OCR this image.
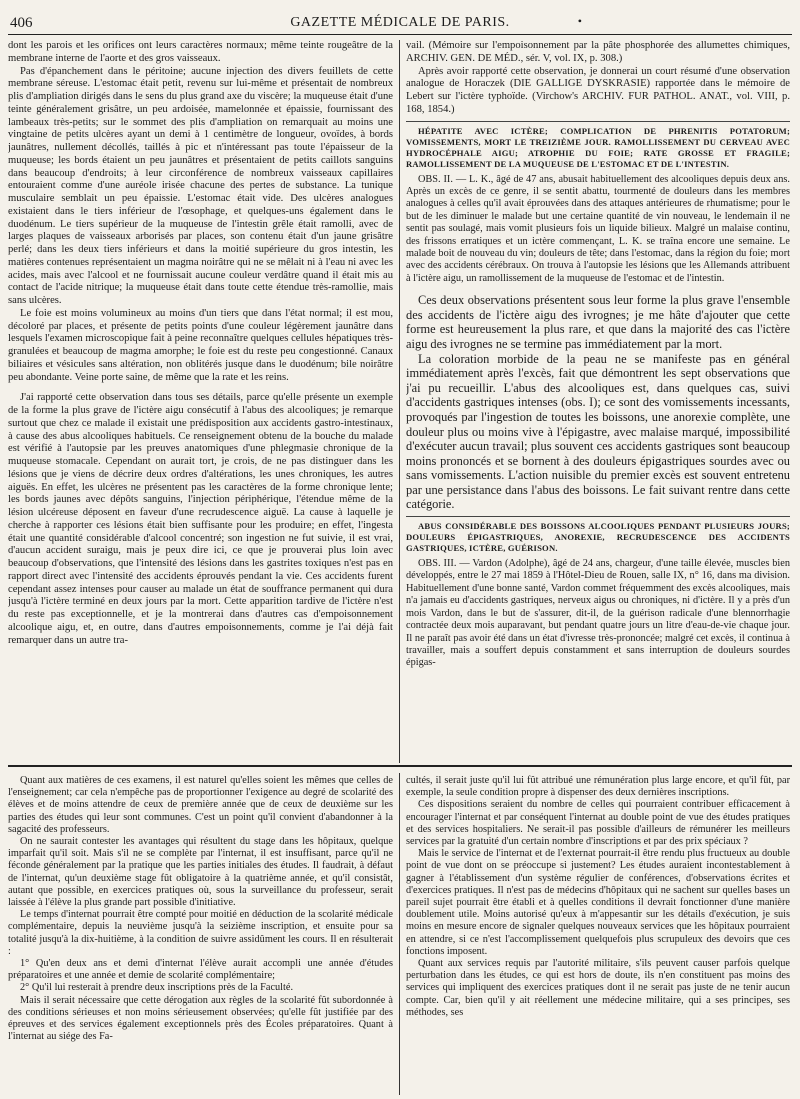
406	GAZETTE MÉDICALE DE PARIS.	•

dont les parois et les orifices ont leurs caractères normaux; même teinte rougeâtre de la membrane interne de l'aorte et des gros vaisseaux.

Pas d'épanchement dans le péritoine; aucune injection des divers feuillets de cette membrane séreuse. L'estomac était petit, revenu sur lui-même et présentait de nombreux plis d'ampliation dirigés dans le sens du plus grand axe du viscère; la muqueuse était d'une teinte généralement grisâtre, un peu ardoisée, mamelonnée et épaissie, fournissant des lambeaux très-petits; sur le sommet des plis d'ampliation on remarquait au moins une vingtaine de petits ulcères ayant un demi à 1 centimètre de longueur, ovoïdes, à bords jaunâtres, nullement décollés, taillés à pic et n'intéressant pas toute l'épaisseur de la muqueuse; les bords étaient un peu jaunâtres et présentaient de petits caillots sanguins dans beaucoup d'endroits; à leur circonférence de nombreux vaisseaux capillaires entouraient comme d'une auréole irisée chacune des pertes de substance. La tunique musculaire semblait un peu épaissie. L'estomac était vide. Des ulcères analogues existaient dans le tiers inférieur de l'œsophage, et quelques-uns également dans le duodénum. Le tiers supérieur de la muqueuse de l'intestin grêle était ramolli, avec de larges plaques de vaisseaux arborisés par places, son contenu était d'un jaune grisâtre perlé; dans les deux tiers inférieurs et dans la moitié supérieure du gros intestin, les matières contenues représentaient un magma noirâtre qui ne se mêlait ni à l'eau ni avec les acides, mais avec l'alcool et ne fournissait aucune couleur verdâtre quand il était mis au contact de l'acide nitrique; la muqueuse était dans toute cette étendue très-ramollie, mais sans ulcères.

Le foie est moins volumineux au moins d'un tiers que dans l'état normal; il est mou, décoloré par places, et présente de petits points d'une couleur légèrement jaunâtre dans lesquels l'examen microscopique fait à peine reconnaître quelques cellules hépatiques très-granulées et beaucoup de magma amorphe; le foie est du reste peu congestionné. Canaux biliaires et vésicules sans altération, non oblitérés jusque dans le duodénum; bile noirâtre peu abondante. Veine porte saine, de même que la rate et les reins.

J'ai rapporté cette observation dans tous ses détails, parce qu'elle présente un exemple de la forme la plus grave de l'ictère aigu consécutif à l'abus des alcooliques; je remarque surtout que chez ce malade il existait une prédisposition aux accidents gastro-intestinaux, à cause des abus alcooliques habituels. Ce renseignement obtenu de la bouche du malade est vérifié à l'autopsie par les preuves anatomiques d'une phlegmasie chronique de la muqueuse stomacale. Cependant on aurait tort, je crois, de ne pas distinguer dans les lésions que je viens de décrire deux ordres d'altérations, les unes chroniques, les autres aiguës. En effet, les ulcères ne présentent pas les caractères de la forme chronique lente; les bords jaunes avec dépôts sanguins, l'injection périphérique, l'étendue même de la lésion ulcéreuse déposent en faveur d'une recrudescence aiguë. La cause à laquelle je cherche à rapporter ces lésions était bien suffisante pour les produire; en effet, l'ingesta était une quantité considérable d'alcool concentré; son ingestion ne fut suivie, il est vrai, d'aucun accident suraigu, mais je peux dire ici, ce que je prouverai plus loin avec beaucoup d'observations, que l'intensité des lésions dans les gastrites toxiques n'est pas en rapport direct avec l'intensité des accidents éprouvés pendant la vie. Ces accidents furent cependant assez intenses pour causer au malade un état de souffrance permanent qui dura jusqu'à l'ictère terminé en deux jours par la mort. Cette apparition tardive de l'ictère n'est du reste pas exceptionnelle, et je la montrerai dans d'autres cas d'empoisonnement alcoolique aigu, et, en outre, dans d'autres empoisonnements, comme je l'ai déjà fait remarquer dans un autre tra-

vail. (Mémoire sur l'empoisonnement par la pâte phosphorée des allumettes chimiques, ARCHIV. GEN. DE MÉD., sér. V, vol. IX, p. 308.)

Après avoir rapporté cette observation, je donnerai un court résumé d'une observation analogue de Horaczek (DIE GALLIGE DYSKRASIE) rapportée dans le mémoire de Lebert sur l'ictère typhoïde. (Virchow's ARCHIV. FUR PATHOL. ANAT., vol. VIII, p. 168, 1854.)

HÉPATITE AVEC ICTÈRE; COMPLICATION DE PHRENITIS POTATORUM; VOMISSEMENTS, MORT LE TREIZIÈME JOUR. RAMOLLISSEMENT DU CERVEAU AVEC HYDROCÉPHALE AIGU; ATROPHIE DU FOIE; RATE GROSSE ET FRAGILE; RAMOLLISSEMENT DE LA MUQUEUSE DE L'ESTOMAC ET DE L'INTESTIN.

OBS. II. — L. K., âgé de 47 ans, abusait habituellement des alcooliques depuis deux ans. Après un excès de ce genre, il se sentit abattu, tourmenté de douleurs dans les membres analogues à celles qu'il avait éprouvées dans des attaques antérieures de rhumatisme; pour le but de les diminuer le malade but une certaine quantité de vin nouveau, le lendemain il ne sentit pas soulagé, mais vomit plusieurs fois un liquide bilieux. Malgré un malaise continu, des frissons erratiques et un ictère commençant, L. K. se traîna encore une semaine. Le malade boit de nouveau du vin; douleurs de tête; dans l'estomac, dans la région du foie; mort avec des accidents cérébraux. On trouva à l'autopsie les lésions que les Allemands attribuent à l'ictère aigu, un ramollissement de la muqueuse de l'estomac et de l'intestin.

Ces deux observations présentent sous leur forme la plus grave l'ensemble des accidents de l'ictère aigu des ivrognes; je me hâte d'ajouter que cette forme est heureusement la plus rare, et que dans la majorité des cas l'ictère aigu des ivrognes ne se termine pas immédiatement par la mort.

La coloration morbide de la peau ne se manifeste pas en général immédiatement après l'excès, fait que démontrent les sept observations que j'ai pu recueillir. L'abus des alcooliques est, dans quelques cas, suivi d'accidents gastriques intenses (obs. I); ce sont des vomissements incessants, provoqués par l'ingestion de toutes les boissons, une anorexie complète, une douleur plus ou moins vive à l'épigastre, avec malaise marqué, impossibilité d'exécuter aucun travail; plus souvent ces accidents gastriques sont beaucoup moins prononcés et se bornent à des douleurs épigastriques sourdes avec ou sans vomissements. L'action nuisible du premier excès est souvent entretenu par une persistance dans l'abus des boissons. Le fait suivant rentre dans cette catégorie.

ABUS CONSIDÉRABLE DES BOISSONS ALCOOLIQUES PENDANT PLUSIEURS JOURS; DOULEURS ÉPIGASTRIQUES, ANOREXIE, RECRUDESCENCE DES ACCIDENTS GASTRIQUES, ICTÈRE, GUÉRISON.

OBS. III. — Vardon (Adolphe), âgé de 24 ans, chargeur, d'une taille élevée, muscles bien développés, entre le 27 mai 1859 à l'Hôtel-Dieu de Rouen, salle IX, n° 16, dans ma division. Habituellement d'une bonne santé, Vardon commet fréquemment des excès alcooliques, mais n'a jamais eu d'accidents gastriques, nerveux aigus ou chroniques, ni d'ictère. Il y a près d'un mois Vardon, dans le but de s'assurer, dit-il, de la guérison radicale d'une blennorrhagie contractée deux mois auparavant, but pendant quatre jours un litre d'eau-de-vie chaque jour. Il ne paraît pas avoir été dans un état d'ivresse très-prononcée; malgré cet excès, il continua à travailler, mais a souffert depuis constamment et sans interruption de douleurs sourdes épigas-

Quant aux matières de ces examens, il est naturel qu'elles soient les mêmes que celles de l'enseignement; car cela n'empêche pas de proportionner l'exigence au degré de scolarité des élèves et de moins attendre de ceux de première année que de ceux de deuxième sur les parties des études qui leur sont communes. C'est un point qu'il convient d'abandonner à la sagacité des professeurs.

On ne saurait contester les avantages qui résultent du stage dans les hôpitaux, quelque imparfait qu'il soit. Mais s'il ne se complète par l'internat, il est insuffisant, parce qu'il ne féconde généralement par la pratique que les parties initiales des études. Il faudrait, à défaut de l'internat, qu'un deuxième stage fût obligatoire à la quatrième année, et qu'il consistât, autant que possible, en exercices pratiques où, sous la surveillance du professeur, serait laissée à l'élève la plus grande part possible d'initiative.

Le temps d'internat pourrait être compté pour moitié en déduction de la scolarité médicale complémentaire, depuis la neuvième jusqu'à la seizième inscription, et ensuite pour sa totalité jusqu'à la dix-huitième, à la condition de suivre assidûment les cours. Il en résulterait :

1° Qu'en deux ans et demi d'internat l'élève aurait accompli une année d'études préparatoires et une année et demie de scolarité complémentaire;

2° Qu'il lui resterait à prendre deux inscriptions près de la Faculté.

Mais il serait nécessaire que cette dérogation aux règles de la scolarité fût subordonnée à des conditions sérieuses et non moins sérieusement observées; qu'elle fût justifiée par des épreuves et des services également exceptionnels près des Écoles préparatoires. Quant à l'internat au siége des Fa-

cultés, il serait juste qu'il lui fût attribué une rémunération plus large encore, et qu'il fût, par exemple, la seule condition propre à dispenser des deux dernières inscriptions.

Ces dispositions seraient du nombre de celles qui pourraient contribuer efficacement à encourager l'internat et par conséquent l'internat au double point de vue des études pratiques et des services hospitaliers. Ne serait-il pas possible d'ailleurs de rémunérer les meilleurs services par la gratuité d'un certain nombre d'inscriptions et par des prix spéciaux ?

Mais le service de l'internat et de l'externat pourrait-il être rendu plus fructueux au double point de vue dont on se préoccupe si justement? Les études auraient incontestablement à gagner à l'établissement d'un système régulier de conférences, d'observations écrites et d'exercices pratiques. Il n'est pas de médecins d'hôpitaux qui ne sachent sur quelles bases un pareil sujet pourrait être établi et à quelles conditions il devrait fonctionner d'une manière doublement utile. Moins autorisé qu'eux à m'appesantir sur les détails d'exécution, je suis moins en mesure encore de signaler quelques nouveaux services que les hôpitaux pourraient en attendre, si ce n'est l'accomplissement quelquefois plus scrupuleux des devoirs que ces fonctions imposent.

Quant aux services requis par l'autorité militaire, s'ils peuvent causer parfois quelque perturbation dans les études, ce qui est hors de doute, ils n'en constituent pas moins des services qui impliquent des exercices pratiques dont il ne serait pas juste de ne tenir aucun compte. Car, bien qu'il y ait réellement une médecine militaire, qui a ses principes, ses méthodes, ses
